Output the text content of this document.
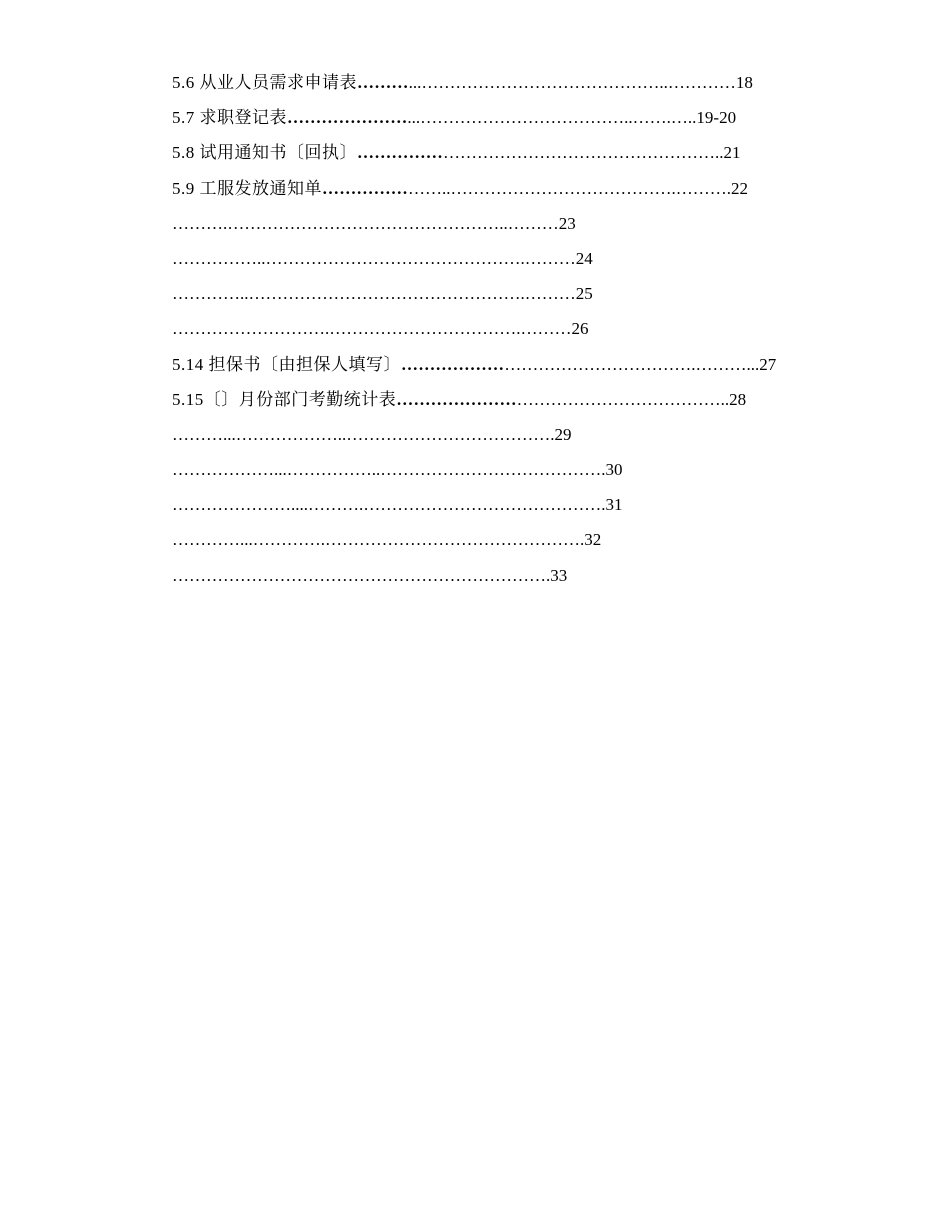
5.6 从业人员需求申请表………...……………………………………..…………18
5.7 求职登记表…………………...………………………………..…….…..19-20
5.8 试用通知书〔回执〕………………………………………………………..21
5.9 工服发放通知单…………………..………………………………….……….22
……….…………………………………………..………23
……………..……………………………………….………24
…………..………………………………………….………25
……………………….…………………………….………26
5.14 担保书〔由担保人填写〕…………………………………………….………...27
5.15〔〕月份部门考勤统计表…………………………………………………..28
………...………………..……………………………….29
………………...……………..………………………………….30
…………………....……….…………………………………….31
…………...………….……………………………………….32
………………………………………………………….33
